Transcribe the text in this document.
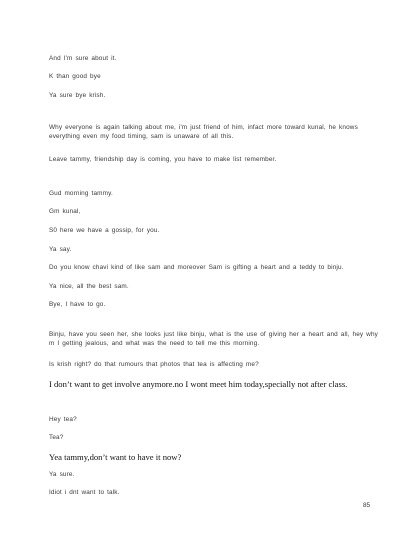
And I'm sure about it.

K than good bye

Ya sure bye krish.

Why everyone is again talking about me, i'm just friend of him, infact more toward kunal, he knows everything even my food timing, sam is unaware of all this.

Leave tammy, friendship day is coming, you have to make list remember.

Gud morning tammy.

Gm kunal,

S0 here we have a gossip, for you.

Ya say.

Do you know chavi kind of like sam and moreover Sam is gifting a heart and a teddy to binju.

Ya nice, all the best sam.

Bye, I have to go.

Binju, have you seen her, she looks just like binju, what is the use of giving her a heart and all, hey why m I getting jealous, and what was the need to tell me this morning.

Is krish right? do that rumours that photos that tea is affecting me?

I don’t want to get involve anymore.no I wont meet him today,specially not after class.

Hey tea?

Tea?

Yea tammy,don’t want to have it now?

Ya sure.

Idiot i dnt want to talk.

85
